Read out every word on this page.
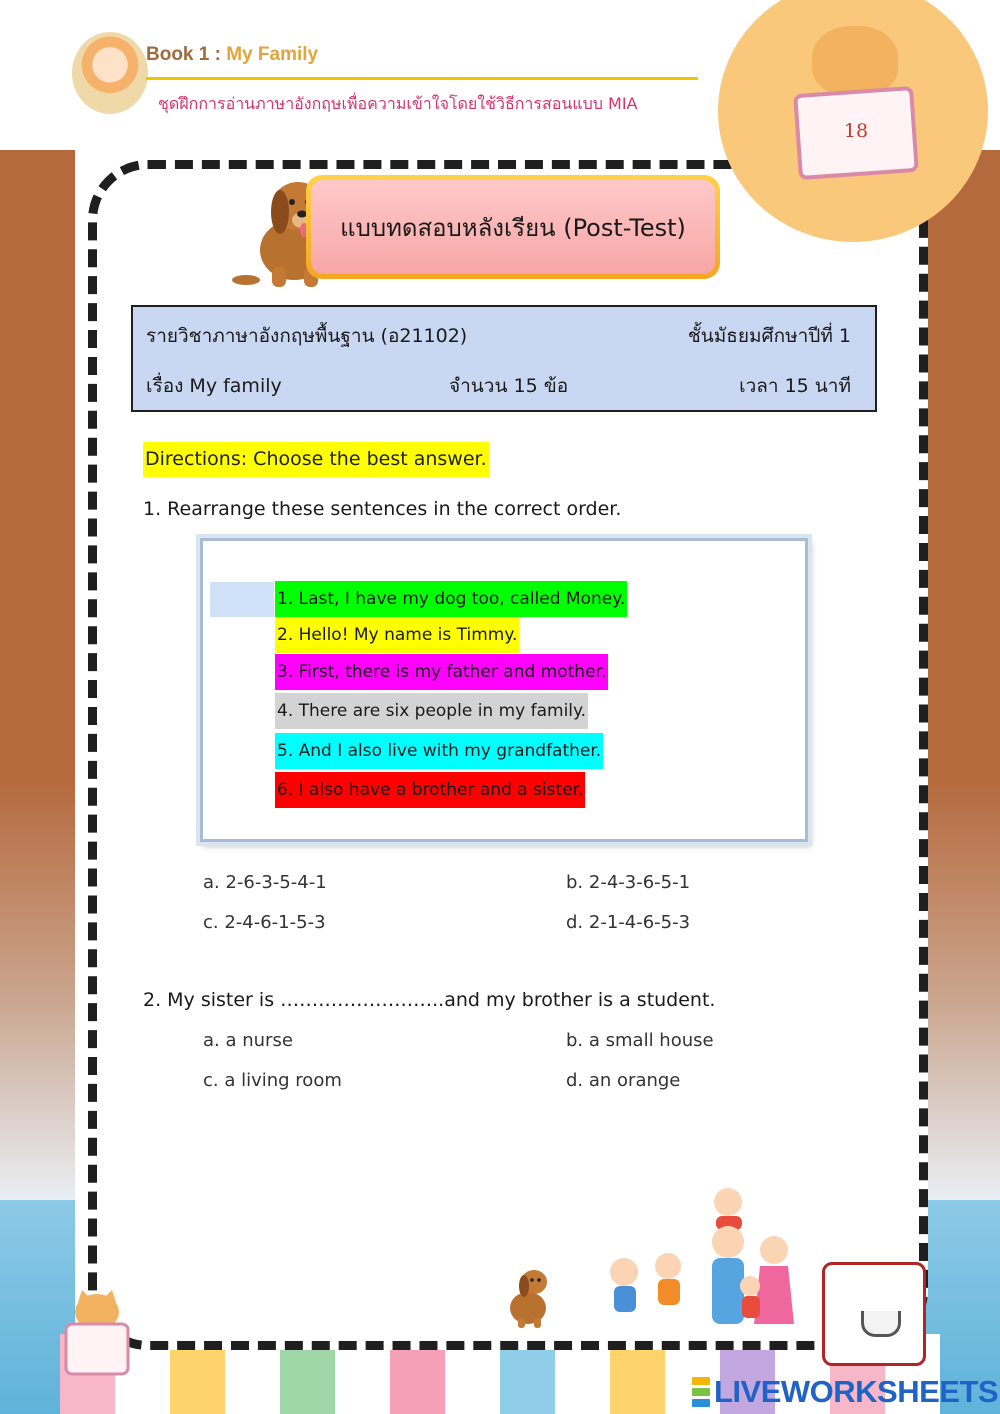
Book 1 : My Family
ชุดฝึกการอ่านภาษาอังกฤษเพื่อความเข้าใจโดยใช้วิธีการสอนแบบ MIA
18
แบบทดสอบหลังเรียน (Post-Test)
รายวิชาภาษาอังกฤษพื้นฐาน (อ21102)	ชั้นมัธยมศึกษาปีที่ 1
เรื่อง My family	จำนวน 15 ข้อ	เวลา 15 นาที
Directions: Choose the best answer.
1. Rearrange these sentences in the correct order.
1. Last, I have my dog too, called Money.
2. Hello! My name is Timmy.
3. First, there is my father and mother.
4. There are six people in my family.
5. And I also live with my grandfather.
6. I also have a brother and a sister.
a. 2-6-3-5-4-1	b. 2-4-3-6-5-1
c. 2-4-6-1-5-3	d. 2-1-4-6-5-3
2. My sister is ……………………..and my brother is a student.
a. a nurse	b. a small house
c. a living room	d. an orange
LIVEWORKSHEETS
